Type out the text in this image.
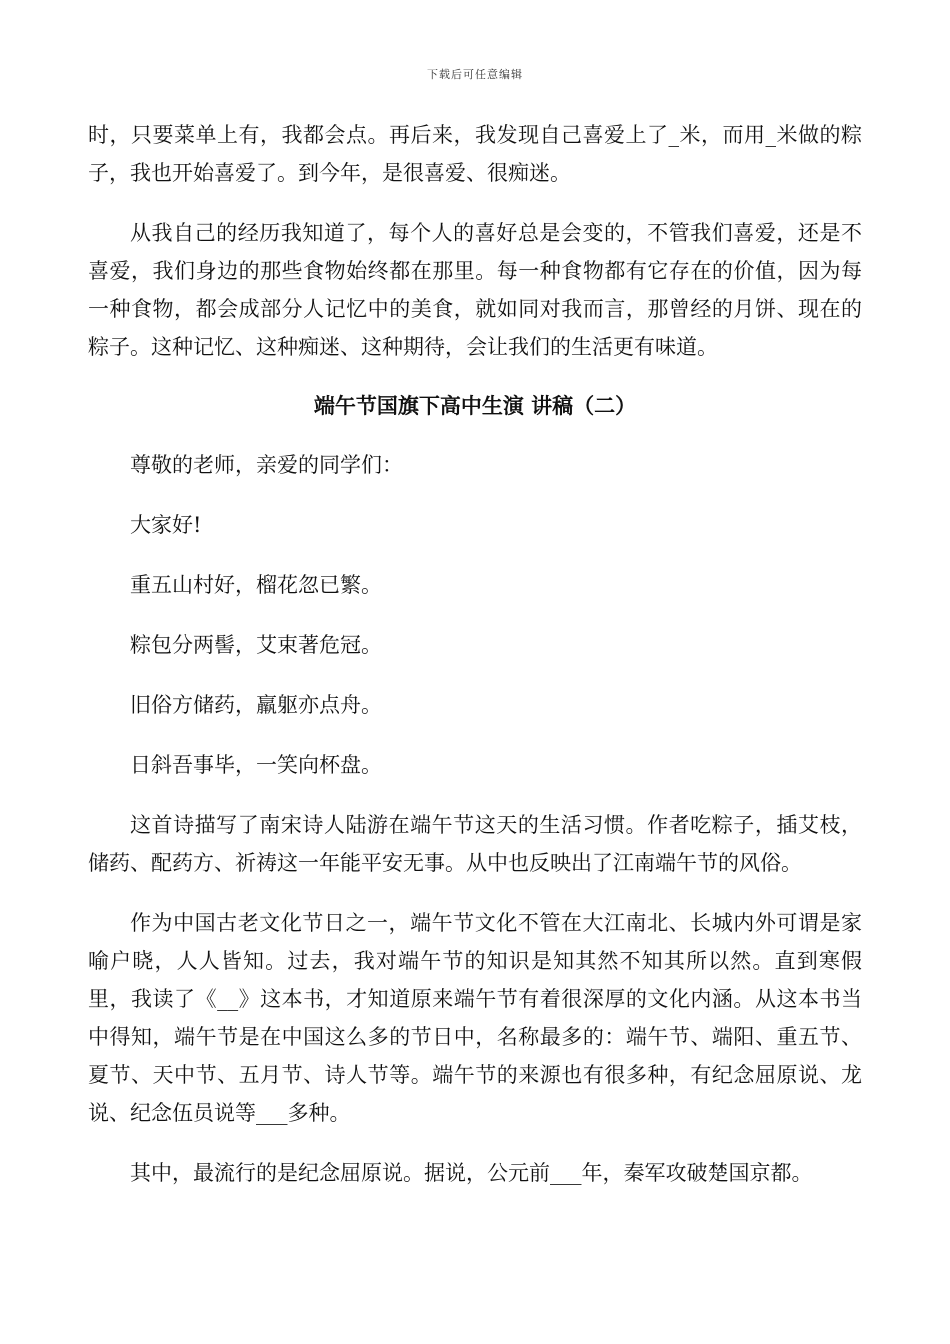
下载后可任意编辑

时，只要菜单上有，我都会点。再后来，我发现自己喜爱上了_米，而用_米做的粽子，我也开始喜爱了。到今年，是很喜爱、很痴迷。

从我自己的经历我知道了，每个人的喜好总是会变的，不管我们喜爱，还是不喜爱，我们身边的那些食物始终都在那里。每一种食物都有它存在的价值，因为每一种食物，都会成部分人记忆中的美食，就如同对我而言，那曾经的月饼、现在的粽子。这种记忆、这种痴迷、这种期待，会让我们的生活更有味道。

端午节国旗下高中生演 讲稿（二）

尊敬的老师，亲爱的同学们：

大家好!

重五山村好，榴花忽已繁。

粽包分两髻，艾束著危冠。

旧俗方储药，羸躯亦点舟。

日斜吾事毕，一笑向杯盘。

这首诗描写了南宋诗人陆游在端午节这天的生活习惯。作者吃粽子，插艾枝，储药、配药方、祈祷这一年能平安无事。从中也反映出了江南端午节的风俗。

作为中国古老文化节日之一，端午节文化不管在大江南北、长城内外可谓是家喻户晓，人人皆知。过去，我对端午节的知识是知其然不知其所以然。直到寒假里，我读了《__》这本书，才知道原来端午节有着很深厚的文化内涵。从这本书当中得知，端午节是在中国这么多的节日中，名称最多的：端午节、端阳、重五节、夏节、天中节、五月节、诗人节等。端午节的来源也有很多种，有纪念屈原说、龙说、纪念伍员说等___多种。

其中，最流行的是纪念屈原说。据说，公元前___年，秦军攻破楚国京都。
